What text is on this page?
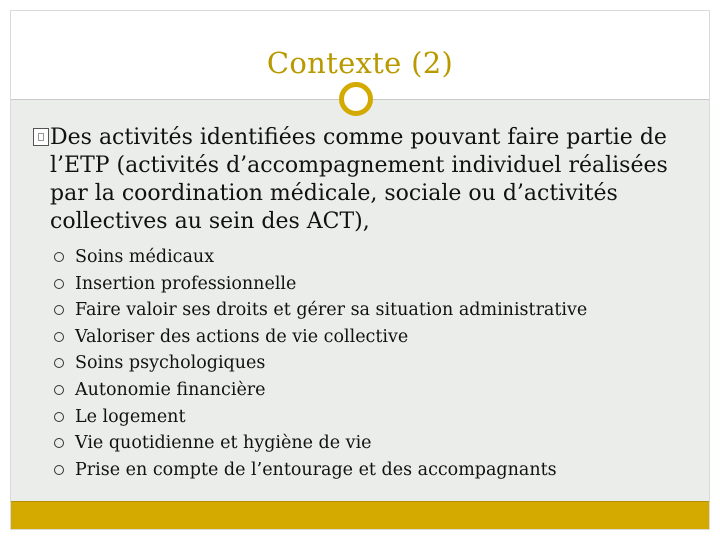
Contexte (2)
Des activités identifiées comme pouvant faire partie de l’ETP (activités d’accompagnement individuel réalisées par la coordination médicale, sociale ou d’activités collectives au sein des ACT),
Soins médicaux
Insertion professionnelle
Faire valoir ses droits et gérer sa situation administrative
Valoriser des actions de vie collective
Soins psychologiques
Autonomie financière
Le logement
Vie quotidienne et hygiène de vie
Prise en compte de l’entourage et des accompagnants
